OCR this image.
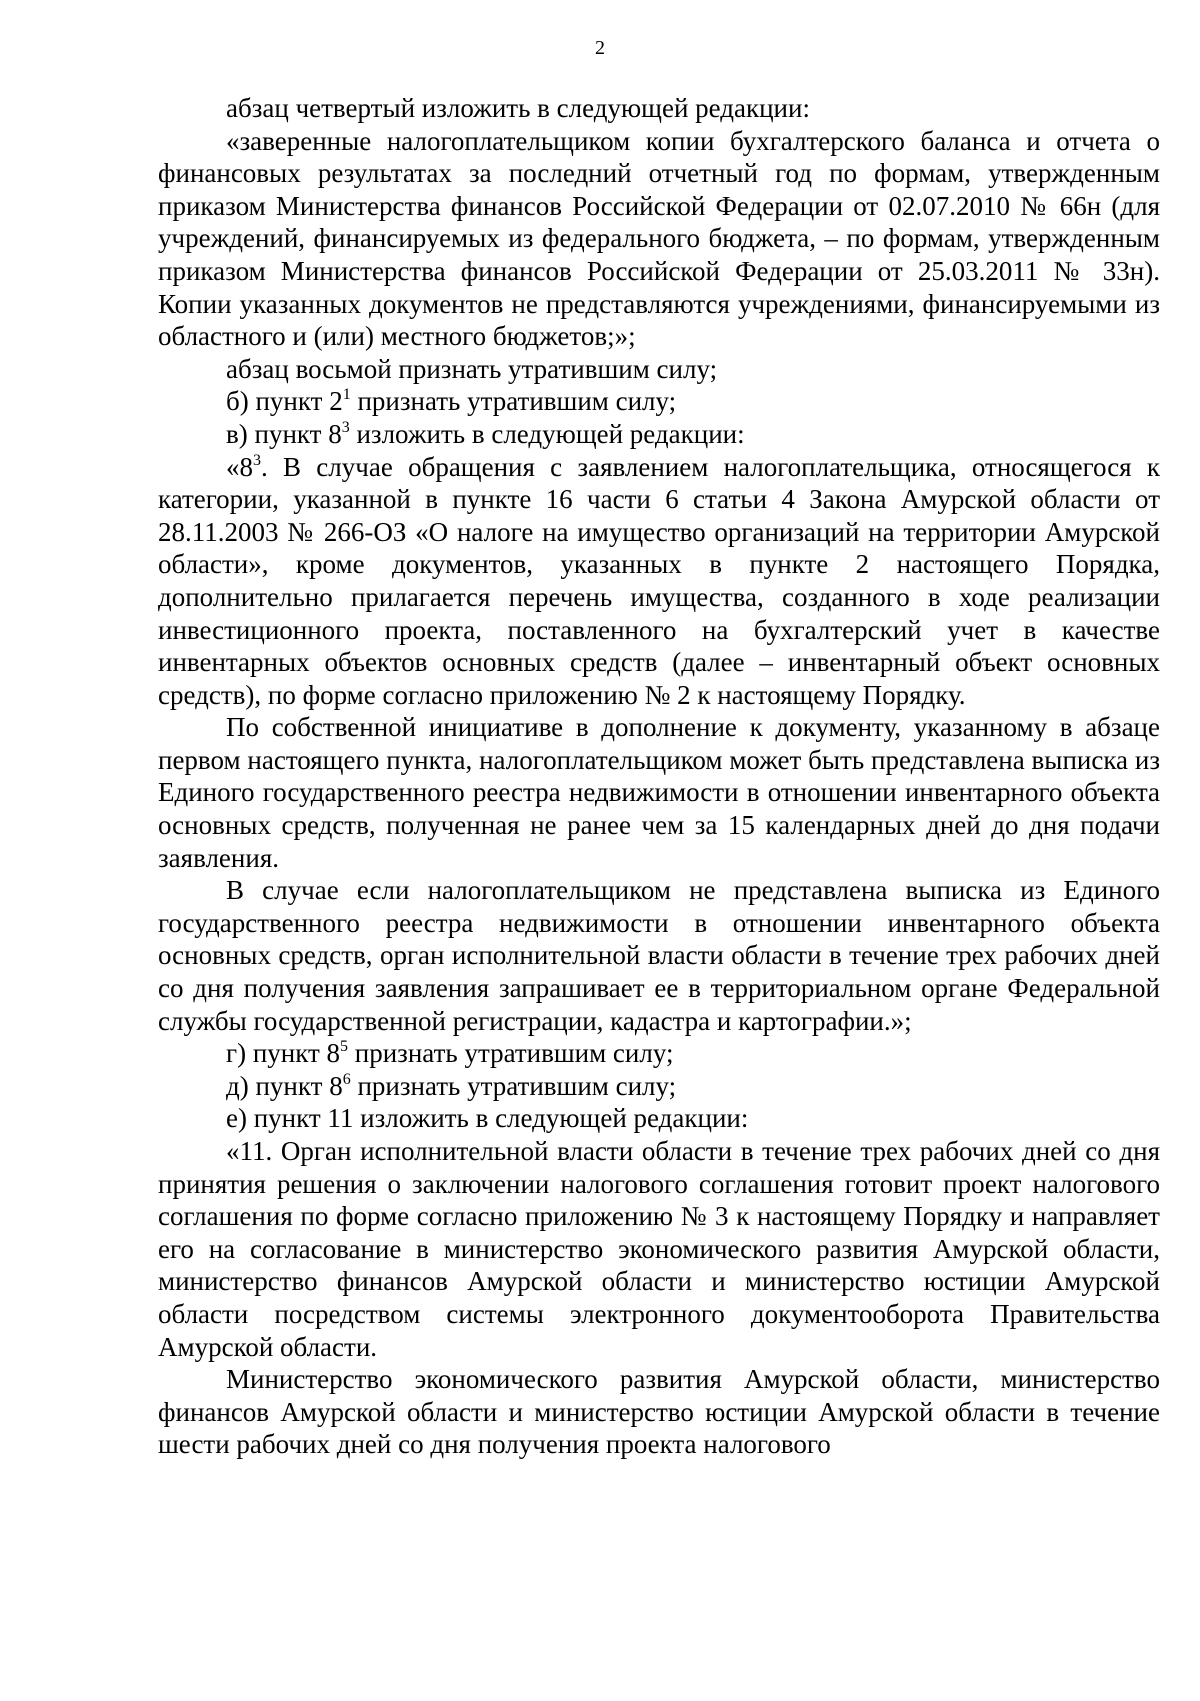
2

абзац четвертый изложить в следующей редакции:

«заверенные налогоплательщиком копии бухгалтерского баланса и отчета о финансовых результатах за последний отчетный год по формам, утвержденным приказом Министерства финансов Российской Федерации от 02.07.2010 № 66н (для учреждений, финансируемых из федерального бюджета, – по формам, утвержденным приказом Министерства финансов Российской Федерации от 25.03.2011 № 33н). Копии указанных документов не представляются учреждениями, финансируемыми из областного и (или) местного бюджетов;»;

абзац восьмой признать утратившим силу;

б) пункт $2^1$ признать утратившим силу;

в) пункт $8^3$ изложить в следующей редакции:

«$8^3$. В случае обращения с заявлением налогоплательщика, относящегося к категории, указанной в пункте 16 части 6 статьи 4 Закона Амурской области от 28.11.2003 № 266-ОЗ «О налоге на имущество организаций на территории Амурской области», кроме документов, указанных в пункте 2 настоящего Порядка, дополнительно прилагается перечень имущества, созданного в ходе реализации инвестиционного проекта, поставленного на бухгалтерский учет в качестве инвентарных объектов основных средств (далее – инвентарный объект основных средств), по форме согласно приложению № 2 к настоящему Порядку.

По собственной инициативе в дополнение к документу, указанному в абзаце первом настоящего пункта, налогоплательщиком может быть представлена выписка из Единого государственного реестра недвижимости в отношении инвентарного объекта основных средств, полученная не ранее чем за 15 календарных дней до дня подачи заявления.

В случае если налогоплательщиком не представлена выписка из Единого государственного реестра недвижимости в отношении инвентарного объекта основных средств, орган исполнительной власти области в течение трех рабочих дней со дня получения заявления запрашивает ее в территориальном органе Федеральной службы государственной регистрации, кадастра и картографии.»;

г) пункт $8^5$ признать утратившим силу;

д) пункт $8^6$ признать утратившим силу;

е) пункт 11 изложить в следующей редакции:

«11. Орган исполнительной власти области в течение трех рабочих дней со дня принятия решения о заключении налогового соглашения готовит проект налогового соглашения по форме согласно приложению № 3 к настоящему Порядку и направляет его на согласование в министерство экономического развития Амурской области, министерство финансов Амурской области и министерство юстиции Амурской области посредством системы электронного документооборота Правительства Амурской области.

Министерство экономического развития Амурской области, министерство финансов Амурской области и министерство юстиции Амурской области в течение шести рабочих дней со дня получения проекта налогового
